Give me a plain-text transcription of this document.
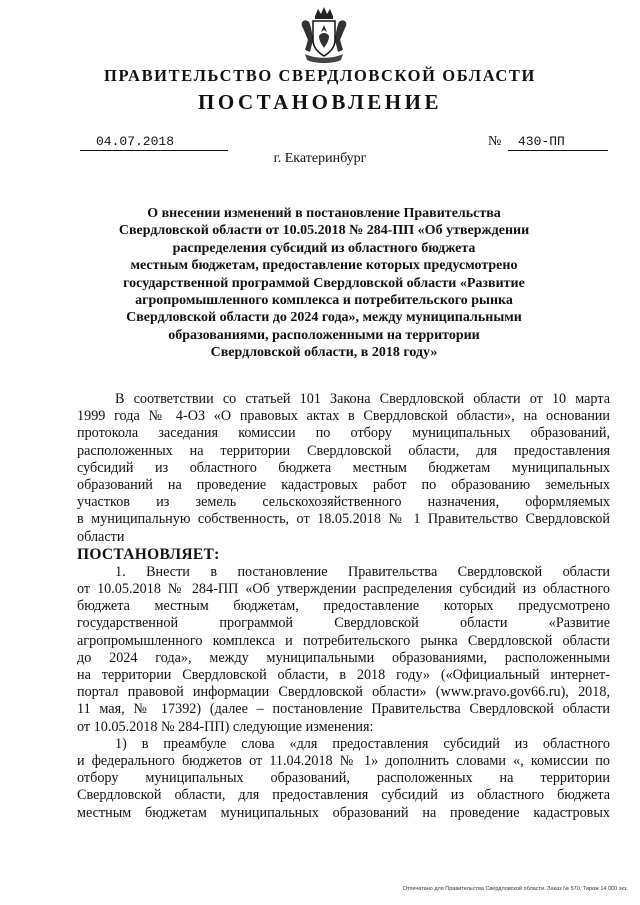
ПРАВИТЕЛЬСТВО СВЕРДЛОВСКОЙ ОБЛАСТИ
ПОСТАНОВЛЕНИЕ
04.07.2018	№	430-ПП
г. Екатеринбург
О внесении изменений в постановление Правительства
Свердловской области от 10.05.2018 № 284-ПП «Об утверждении
распределения субсидий из областного бюджета
местным бюджетам, предоставление которых предусмотрено
государственной программой Свердловской области «Развитие
агропромышленного комплекса и потребительского рынка
Свердловской области до 2024 года», между муниципальными
образованиями, расположенными на территории
Свердловской области, в 2018 году»
В соответствии со статьей 101 Закона Свердловской области от 10 марта
1999 года № 4-ОЗ «О правовых актах в Свердловской области», на основании
протокола заседания комиссии по отбору муниципальных образований,
расположенных на территории Свердловской области, для предоставления
субсидий из областного бюджета местным бюджетам муниципальных
образований на проведение кадастровых работ по образованию земельных
участков из земель сельскохозяйственного назначения, оформляемых
в муниципальную собственность, от 18.05.2018 № 1 Правительство Свердловской
области
ПОСТАНОВЛЯЕТ:
1. Внести в постановление Правительства Свердловской области
от 10.05.2018 № 284-ПП «Об утверждении распределения субсидий из областного
бюджета местным бюджетам, предоставление которых предусмотрено
государственной программой Свердловской области «Развитие
агропромышленного комплекса и потребительского рынка Свердловской области
до 2024 года», между муниципальными образованиями, расположенными
на территории Свердловской области, в 2018 году» («Официальный интернет-
портал правовой информации Свердловской области» (www.pravo.gov66.ru), 2018,
11 мая, № 17392) (далее – постановление Правительства Свердловской области
от 10.05.2018 № 284-ПП) следующие изменения:
1) в преамбуле слова «для предоставления субсидий из областного
и федерального бюджетов от 11.04.2018 № 1» дополнить словами «, комиссии по
отбору муниципальных образований, расположенных на территории
Свердловской области, для предоставления субсидий из областного бюджета
местным бюджетам муниципальных образований на проведение кадастровых
Отпечатано для Правительства Свердловской области. Заказ № 570. Тираж 14 000 экз.
